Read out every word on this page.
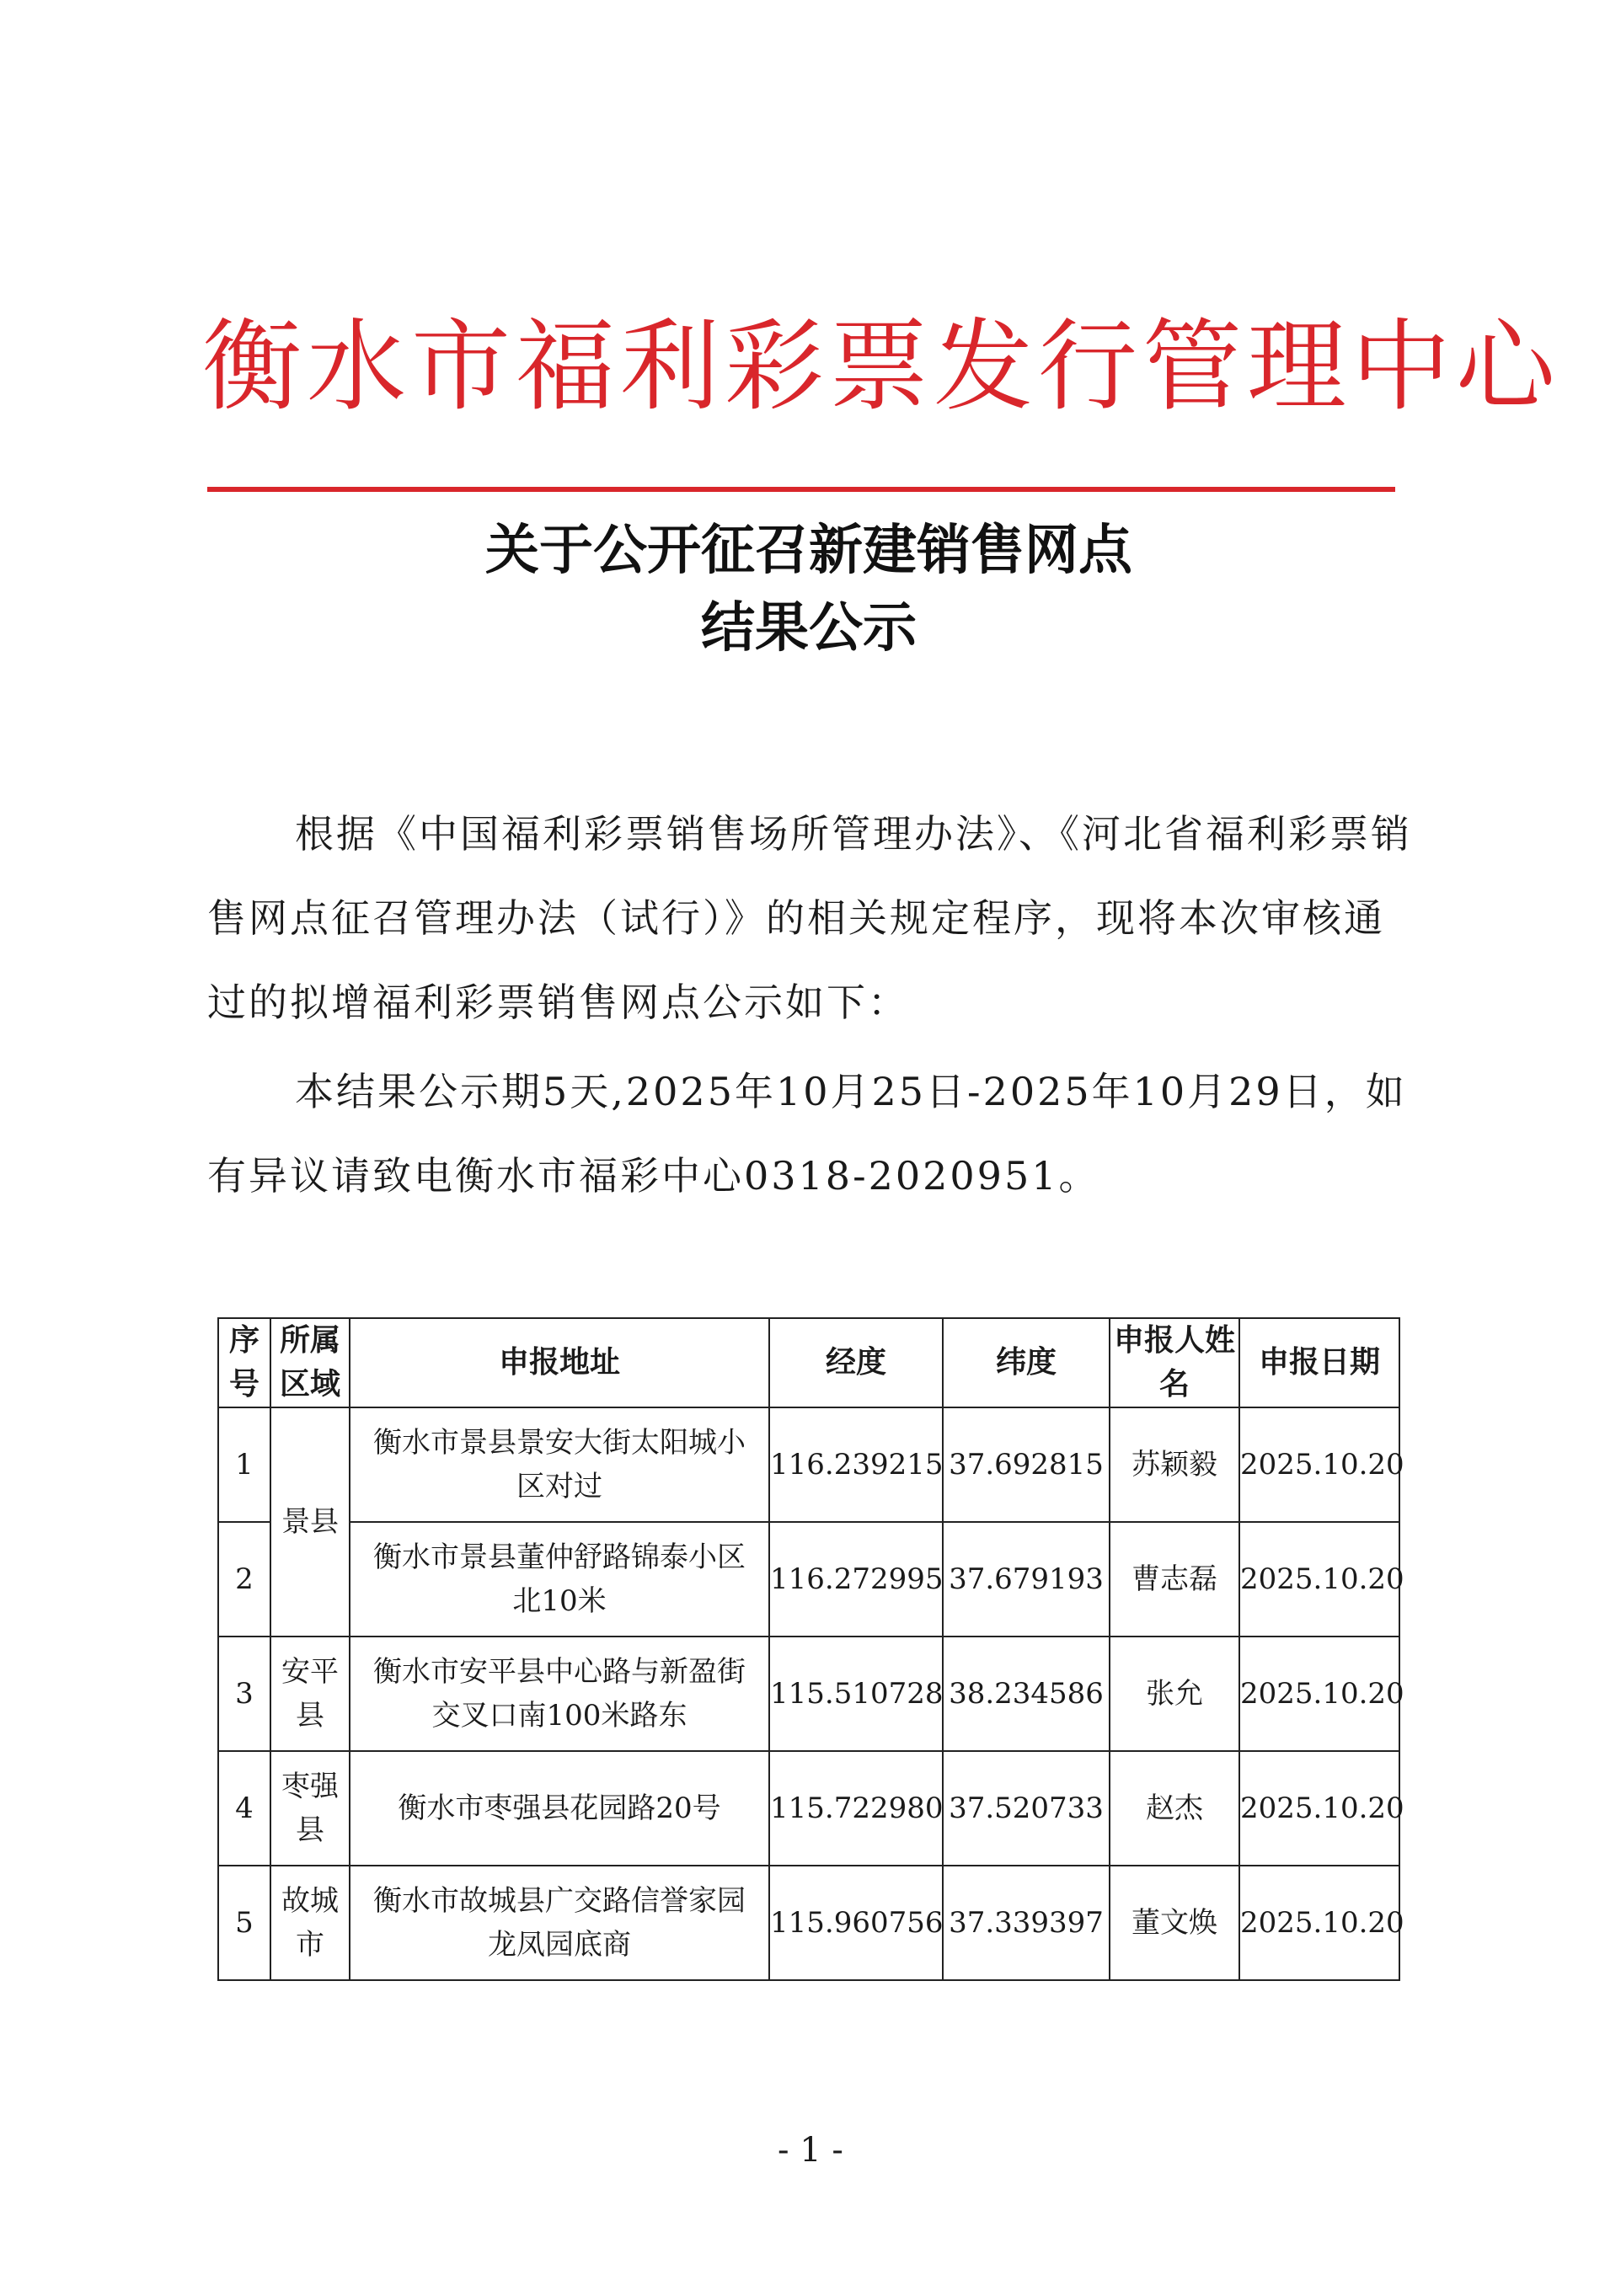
衡水市福利彩票发行管理中心
关于公开征召新建销售网点
结果公示

根据《中国福利彩票销售场所管理办法》、《河北省福利彩票销售网点征召管理办法（试行）》的相关规定程序，现将本次审核通过的拟增福利彩票销售网点公示如下：

本结果公示期5天,2025年10月25日-2025年10月29日，如有异议请致电衡水市福彩中心0318-2020951。

序号	所属区域	申报地址	经度	纬度	申报人姓名	申报日期
1	景县	衡水市景县景安大街太阳城小区对过	116.239215	37.692815	苏颖毅	2025.10.20
2		衡水市景县董仲舒路锦泰小区北10米	116.272995	37.679193	曹志磊	2025.10.20
3	安平县	衡水市安平县中心路与新盈街交叉口南100米路东	115.510728	38.234586	张允	2025.10.20
4	枣强县	衡水市枣强县花园路20号	115.722980	37.520733	赵杰	2025.10.20
5	故城市	衡水市故城县广交路信誉家园龙凤园底商	115.960756	37.339397	董文焕	2025.10.20
- 1 -
